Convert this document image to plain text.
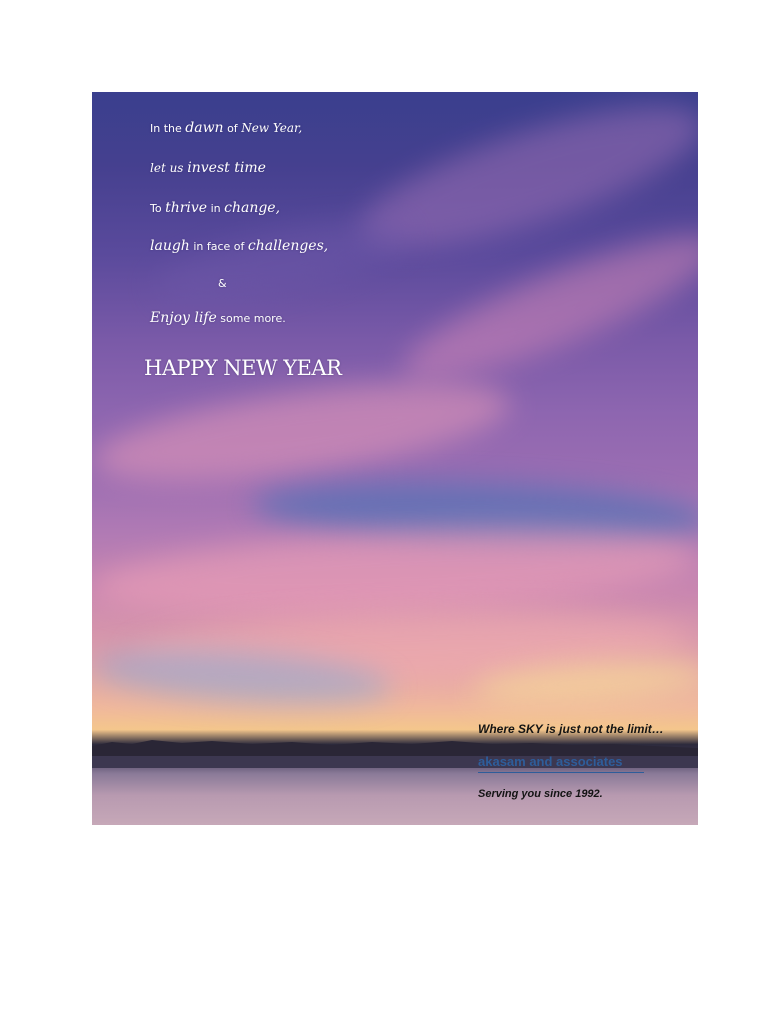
In the dawn of New Year,
let us invest time
To thrive in change,
laugh in face of challenges,
&
Enjoy life some more.
HAPPY NEW YEAR
Where SKY is just not the limit…
akasam and associates
Serving you since 1992.
